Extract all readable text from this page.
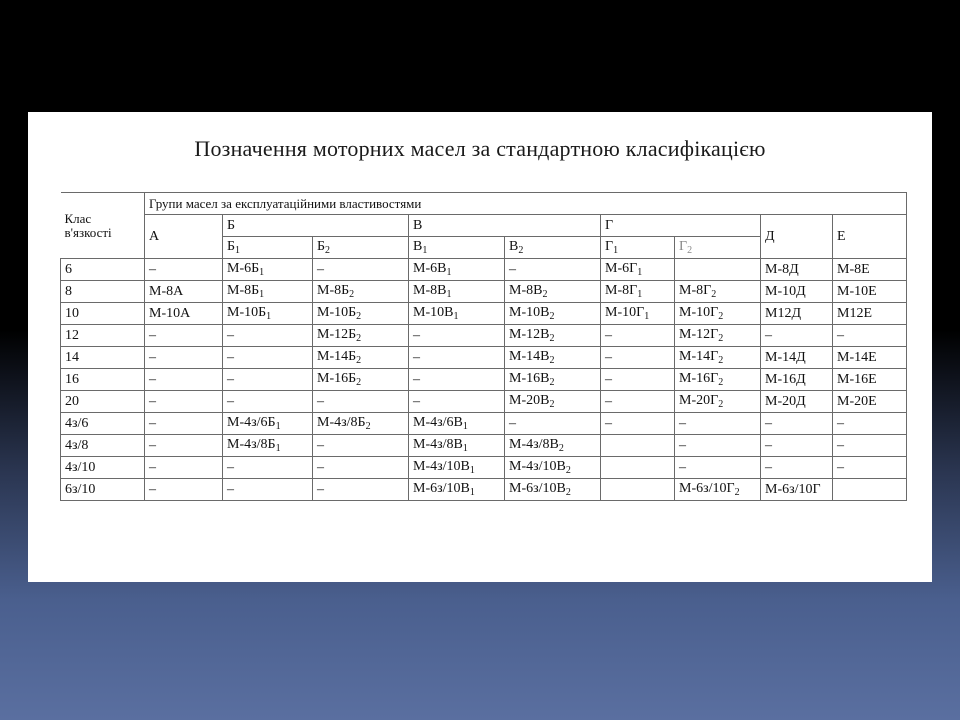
Позначення моторних масел за стандартною класифікацією
Клас
в'язкості	Групи масел за експлуатаційними властивостями								
	А	Б		В		Г		Д	Е
		$Б_1$	$Б_2$	$В_1$	$В_2$	$Г_1$	$Г_2$
6	–	$М-6Б_1$	–	$М-6В_1$	–	$М-6Г_1$		М-8Д	М-8Е
8	М-8А	$М-8Б_1$	$М-8Б_2$	$М-8В_1$	$М-8В_2$	$М-8Г_1$	$М-8Г_2$	М-10Д	М-10Е
10	М-10А	$М-10Б_1$	$М-10Б_2$	$М-10В_1$	$М-10В_2$	$М-10Г_1$	$М-10Г_2$	М12Д	М12Е
12	–	–	$М-12Б_2$	–	$М-12В_2$	–	$М-12Г_2$	–	–
14	–	–	$М-14Б_2$	–	$М-14В_2$	–	$М-14Г_2$	М-14Д	М-14Е
16	–	–	$М-16Б_2$	–	$М-16В_2$	–	$М-16Г_2$	М-16Д	М-16Е
20	–	–	–	–	$М-20В_2$	–	$М-20Г_2$	М-20Д	М-20Е
4з/6	–	$М-4з/6Б_1$	$М-4з/8Б_2$	$М-4з/6В_1$	–	–	–	–	–
4з/8	–	$М-4з/8Б_1$	–	$М-4з/8В_1$	$М-4з/8В_2$		–	–	–
4з/10	–	–	–	$М-4з/10В_1$	$М-4з/10В_2$		–	–	–
6з/10	–	–	–	$М-6з/10В_1$	$М-6з/10В_2$		$М-6з/10Г_2$	М-6з/10Г	
